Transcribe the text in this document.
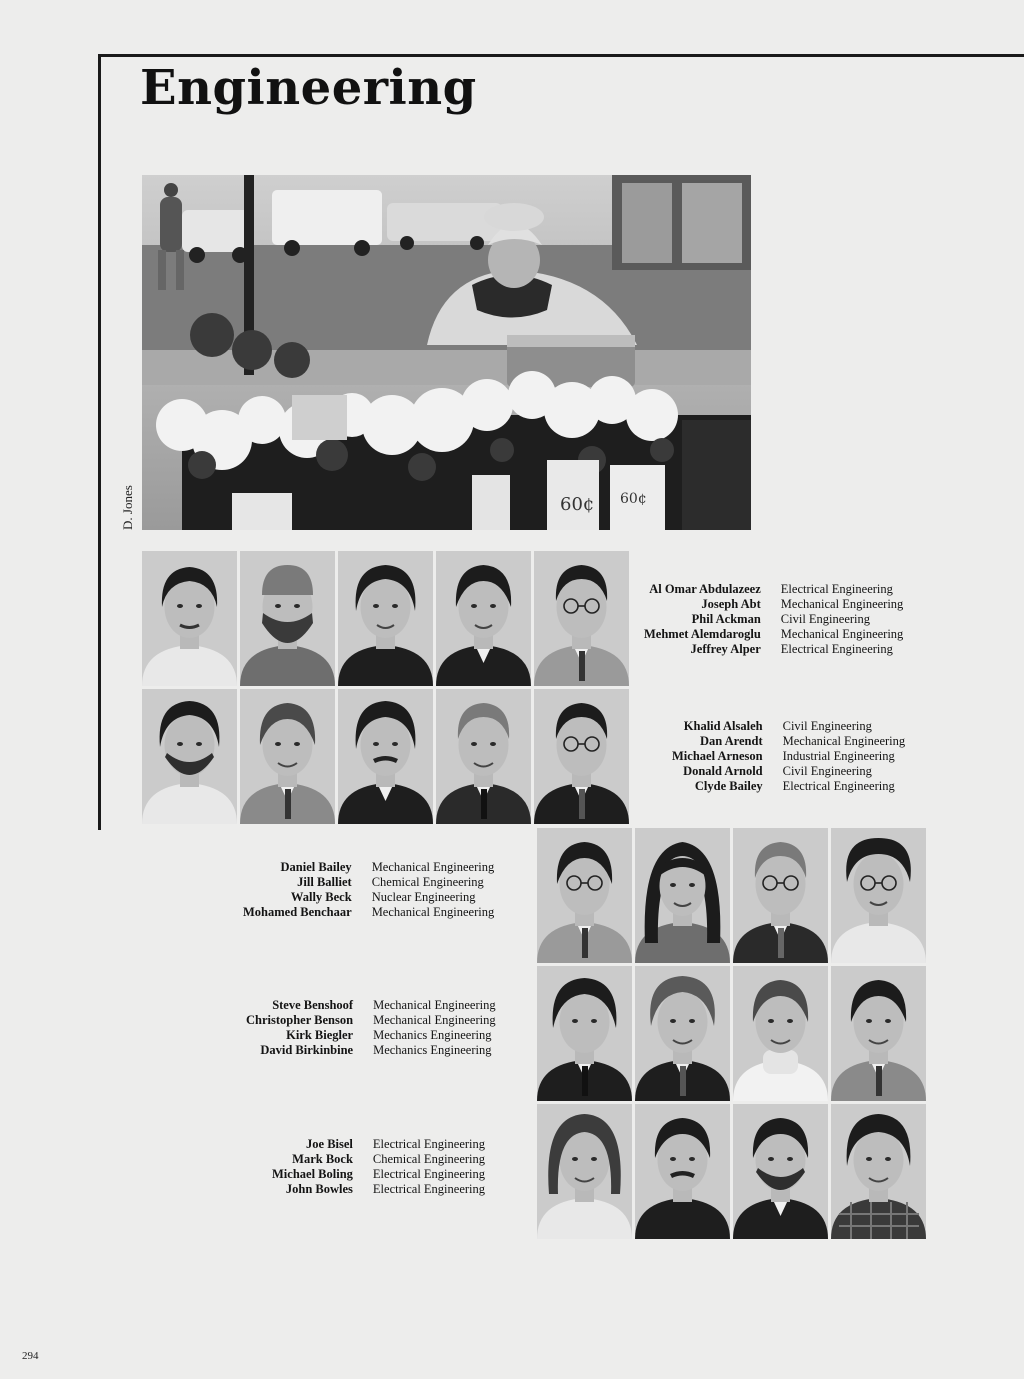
Engineering
60¢ 60¢
D. Jones
Al Omar Abdulazeez Electrical Engineering
Joseph Abt Mechanical Engineering
Phil Ackman Civil Engineering
Mehmet Alemdaroglu Mechanical Engineering
Jeffrey Alper Electrical Engineering
Khalid Alsaleh Civil Engineering
Dan Arendt Mechanical Engineering
Michael Arneson Industrial Engineering
Donald Arnold Civil Engineering
Clyde Bailey Electrical Engineering
Daniel Bailey Mechanical Engineering
Jill Balliet Chemical Engineering
Wally Beck Nuclear Engineering
Mohamed Benchaar Mechanical Engineering
Steve Benshoof Mechanical Engineering
Christopher Benson Mechanical Engineering
Kirk Biegler Mechanics Engineering
David Birkinbine Mechanics Engineering
Joe Bisel Electrical Engineering
Mark Bock Chemical Engineering
Michael Boling Electrical Engineering
John Bowles Electrical Engineering
294
